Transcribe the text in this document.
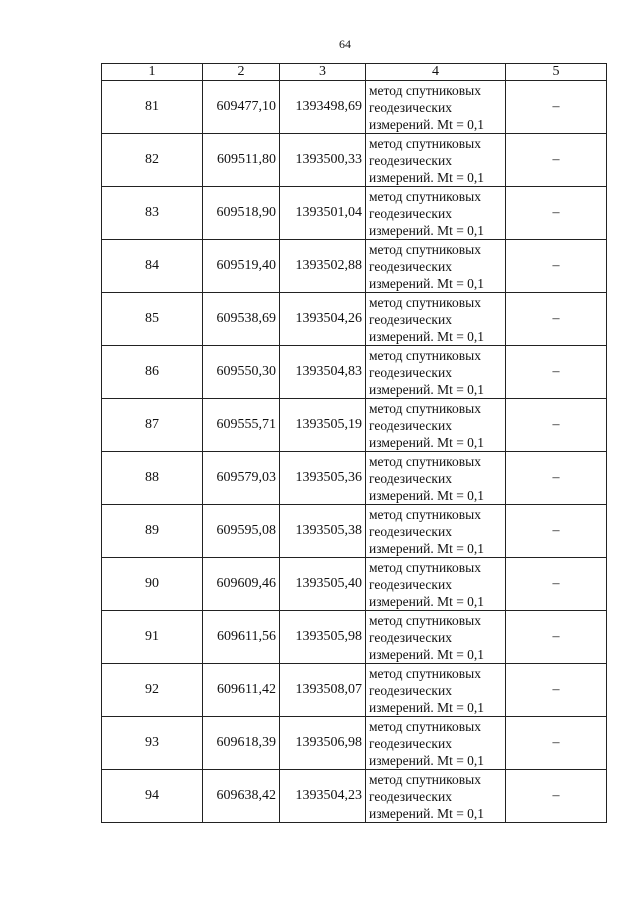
64
1	2	3	4	5
81	609477,10	1393498,69	метод спутниковых
геодезических
измерений. Mt = 0,1	–
82	609511,80	1393500,33	метод спутниковых
геодезических
измерений. Mt = 0,1	–
83	609518,90	1393501,04	метод спутниковых
геодезических
измерений. Mt = 0,1	–
84	609519,40	1393502,88	метод спутниковых
геодезических
измерений. Mt = 0,1	–
85	609538,69	1393504,26	метод спутниковых
геодезических
измерений. Mt = 0,1	–
86	609550,30	1393504,83	метод спутниковых
геодезических
измерений. Mt = 0,1	–
87	609555,71	1393505,19	метод спутниковых
геодезических
измерений. Mt = 0,1	–
88	609579,03	1393505,36	метод спутниковых
геодезических
измерений. Mt = 0,1	–
89	609595,08	1393505,38	метод спутниковых
геодезических
измерений. Mt = 0,1	–
90	609609,46	1393505,40	метод спутниковых
геодезических
измерений. Mt = 0,1	–
91	609611,56	1393505,98	метод спутниковых
геодезических
измерений. Mt = 0,1	–
92	609611,42	1393508,07	метод спутниковых
геодезических
измерений. Mt = 0,1	–
93	609618,39	1393506,98	метод спутниковых
геодезических
измерений. Mt = 0,1	–
94	609638,42	1393504,23	метод спутниковых
геодезических
измерений. Mt = 0,1	–
